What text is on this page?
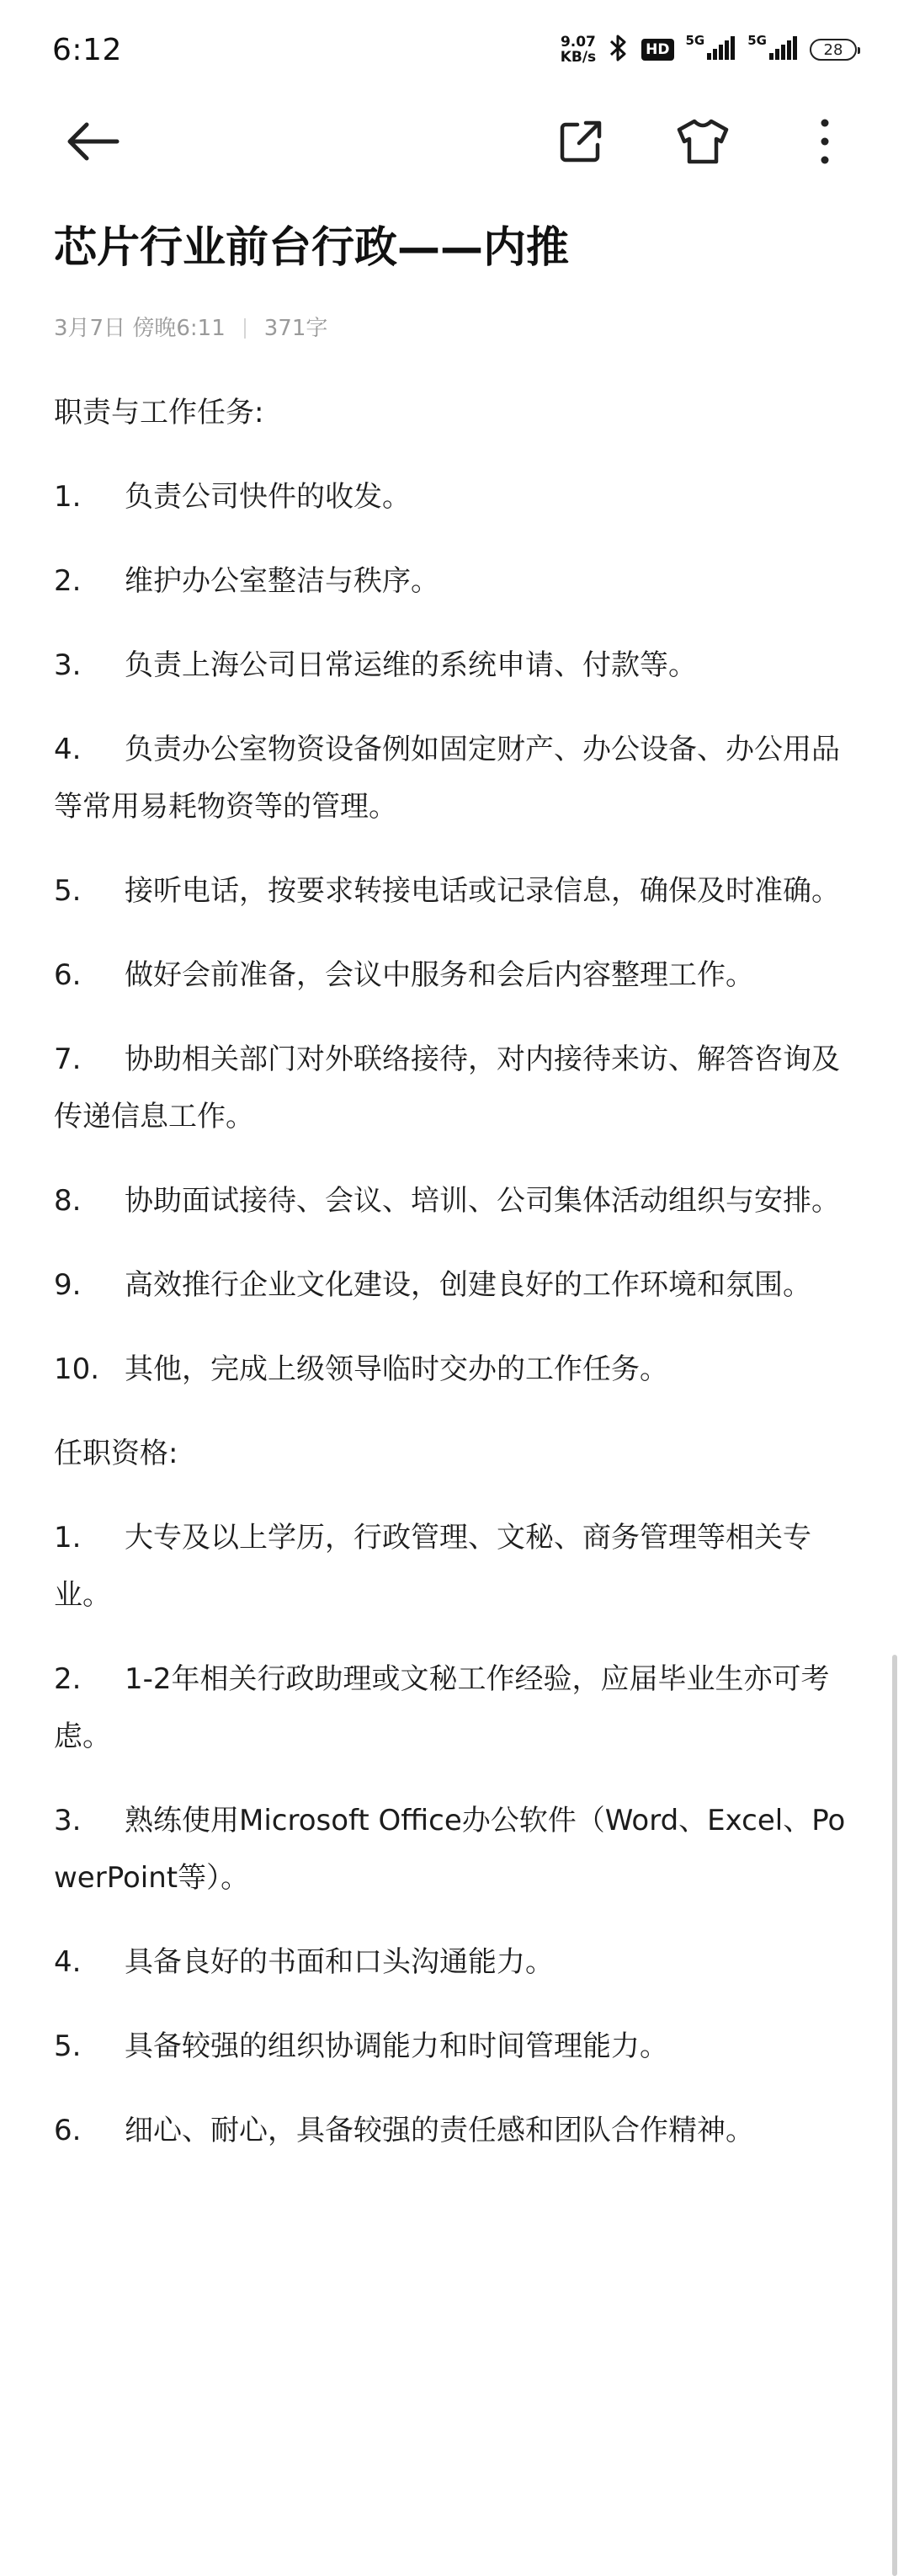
6:12	9.07
KB/s	HD
5G	5G
28
芯片行业前台行政——内推
3月7日 傍晚6:11 371字

职责与工作任务:

1. 负责公司快件的收发。

2. 维护办公室整洁与秩序。

3. 负责上海公司日常运维的系统申请、付款等。

4. 负责办公室物资设备例如固定财产、办公设备、办公用品等常用易耗物资等的管理。

5. 接听电话，按要求转接电话或记录信息，确保及时准确。

6. 做好会前准备，会议中服务和会后内容整理工作。

7. 协助相关部门对外联络接待，对内接待来访、解答咨询及传递信息工作。

8. 协助面试接待、会议、培训、公司集体活动组织与安排。

9. 高效推行企业文化建设，创建良好的工作环境和氛围。

10. 其他，完成上级领导临时交办的工作任务。

任职资格:

1. 大专及以上学历，行政管理、文秘、商务管理等相关专业。

2. 1-2年相关行政助理或文秘工作经验，应届毕业生亦可考虑。

3. 熟练使用Microsoft Office办公软件（Word、Excel、PowerPoint等）。

4. 具备良好的书面和口头沟通能力。

5. 具备较强的组织协调能力和时间管理能力。

6. 细心、耐心，具备较强的责任感和团队合作精神。
